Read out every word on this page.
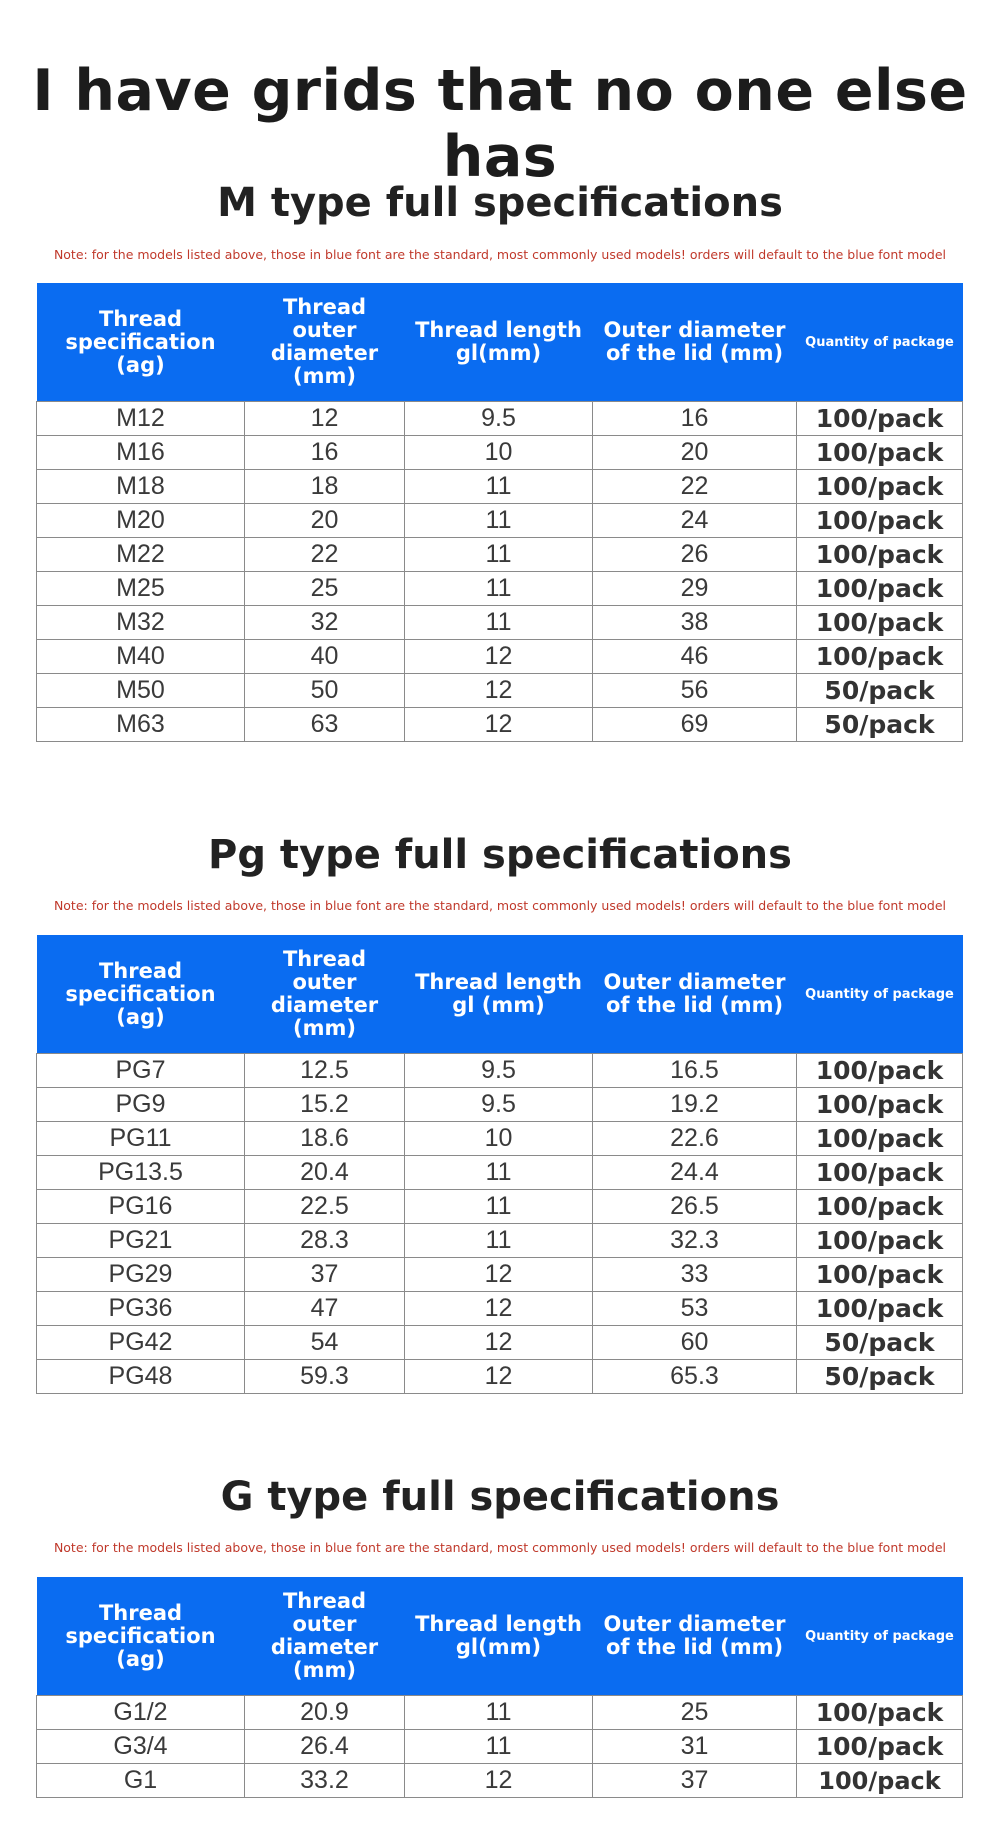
I have grids that no one else has
M type full specifications
Note: for the models listed above, those in blue font are the standard, most commonly used models! orders will default to the blue font model
Thread specification (ag)	Thread outer diameter (mm)	Thread length gl(mm)	Outer diameter of the lid (mm)	Quantity of package
M12	12	9.5	16	100/pack
M16	16	10	20	100/pack
M18	18	11	22	100/pack
M20	20	11	24	100/pack
M22	22	11	26	100/pack
M25	25	11	29	100/pack
M32	32	11	38	100/pack
M40	40	12	46	100/pack
M50	50	12	56	50/pack
M63	63	12	69	50/pack
Pg type full specifications
Note: for the models listed above, those in blue font are the standard, most commonly used models! orders will default to the blue font model
Thread specification (ag)	Thread outer diameter (mm)	Thread length gl (mm)	Outer diameter of the lid (mm)	Quantity of package
PG7	12.5	9.5	16.5	100/pack
PG9	15.2	9.5	19.2	100/pack
PG11	18.6	10	22.6	100/pack
PG13.5	20.4	11	24.4	100/pack
PG16	22.5	11	26.5	100/pack
PG21	28.3	11	32.3	100/pack
PG29	37	12	33	100/pack
PG36	47	12	53	100/pack
PG42	54	12	60	50/pack
PG48	59.3	12	65.3	50/pack
G type full specifications
Note: for the models listed above, those in blue font are the standard, most commonly used models! orders will default to the blue font model
Thread specification (ag)	Thread outer diameter (mm)	Thread length gl(mm)	Outer diameter of the lid (mm)	Quantity of package
G1/2	20.9	11	25	100/pack
G3/4	26.4	11	31	100/pack
G1	33.2	12	37	100/pack
